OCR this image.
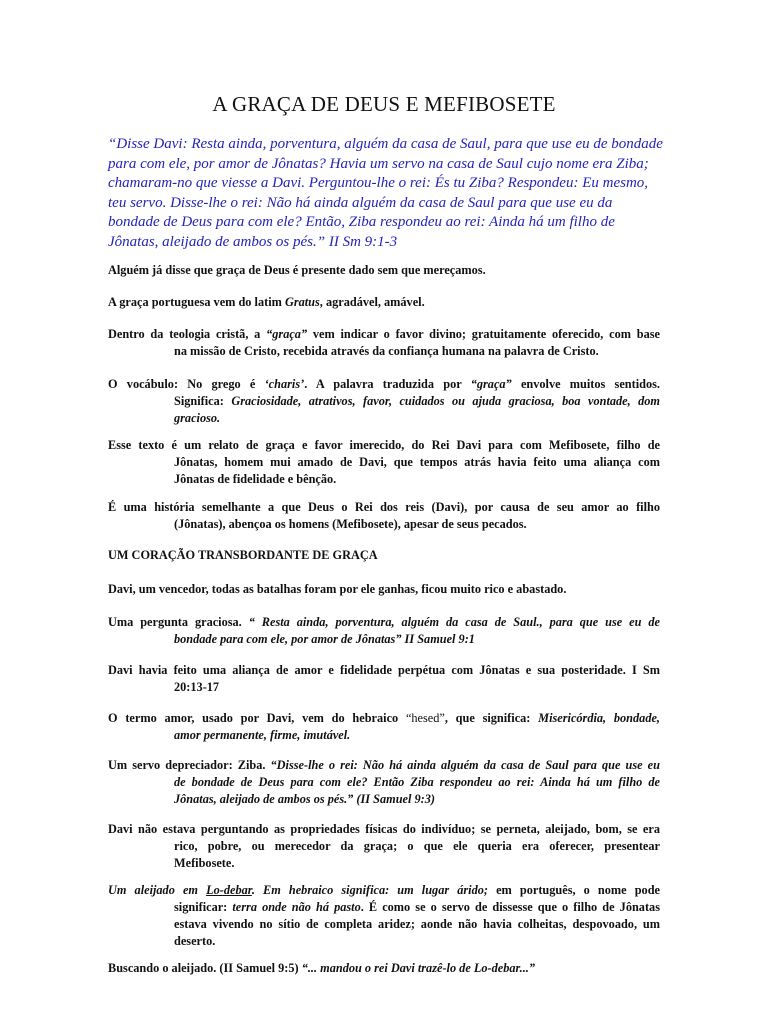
A GRAÇA DE DEUS E MEFIBOSETE

“Disse Davi: Resta ainda, porventura, alguém da casa de Saul, para que use eu de bondade para com ele, por amor de Jônatas? Havia um servo na casa de Saul cujo nome era Ziba; chamaram-no que viesse a Davi. Perguntou-lhe o rei: És tu Ziba? Respondeu: Eu mesmo, teu servo. Disse-lhe o rei: Não há ainda alguém da casa de Saul para que use eu da bondade de Deus para com ele? Então, Ziba respondeu ao rei: Ainda há um filho de Jônatas, aleijado de ambos os pés.” II Sm 9:1-3

Alguém já disse que graça de Deus é presente dado sem que mereçamos.

A graça portuguesa vem do latim Gratus, agradável, amável.

Dentro da teologia cristã, a “graça” vem indicar o favor divino; gratuitamente oferecido, com base
na missão de Cristo, recebida através da confiança humana na palavra de Cristo.

O vocábulo: No grego é ‘charis’. A palavra traduzida por “graça” envolve muitos sentidos.
Significa: Graciosidade, atrativos, favor, cuidados ou ajuda graciosa, boa vontade, dom
gracioso.

Esse texto é um relato de graça e favor imerecido, do Rei Davi para com Mefibosete, filho de
Jônatas, homem mui amado de Davi, que tempos atrás havia feito uma aliança com
Jônatas de fidelidade e bênção.

É uma história semelhante a que Deus o Rei dos reis (Davi), por causa de seu amor ao filho
(Jônatas), abençoa os homens (Mefibosete), apesar de seus pecados.

UM CORAÇÃO TRANSBORDANTE DE GRAÇA

Davi, um vencedor, todas as batalhas foram por ele ganhas, ficou muito rico e abastado.

Uma pergunta graciosa. “ Resta ainda, porventura, alguém da casa de Saul., para que use eu de
bondade para com ele, por amor de Jônatas” II Samuel 9:1

Davi havia feito uma aliança de amor e fidelidade perpétua com Jônatas e sua posteridade. I Sm
20:13-17

O termo amor, usado por Davi, vem do hebraico “hesed”, que significa: Misericórdia, bondade,
amor permanente, firme, imutável.

Um servo depreciador: Ziba. “Disse-lhe o rei: Não há ainda alguém da casa de Saul para que use eu
de bondade de Deus para com ele? Então Ziba respondeu ao rei: Ainda há um filho de
Jônatas, aleijado de ambos os pés.” (II Samuel 9:3)

Davi não estava perguntando as propriedades físicas do indivíduo; se perneta, aleijado, bom, se era
rico, pobre, ou merecedor da graça; o que ele queria era oferecer, presentear
Mefibosete.

Um aleijado em Lo-debar. Em hebraico significa: um lugar árido; em português, o nome pode
significar: terra onde não há pasto. É como se o servo de dissesse que o filho de Jônatas
estava vivendo no sítio de completa aridez; aonde não havia colheitas, despovoado, um
deserto.

Buscando o aleijado. (II Samuel 9:5) “... mandou o rei Davi trazê-lo de Lo-debar...”
